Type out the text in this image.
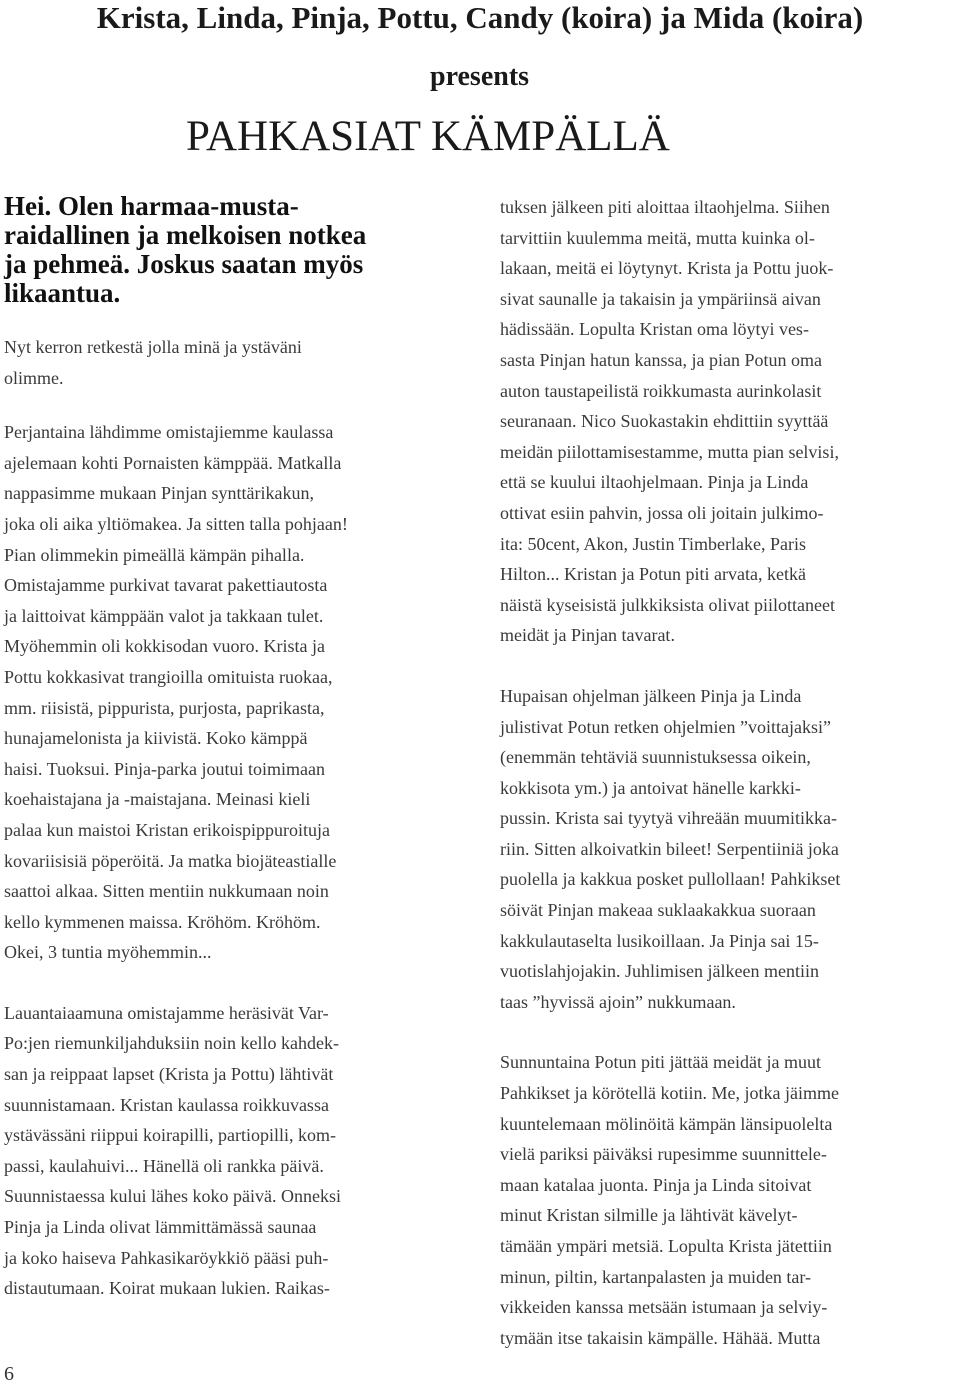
Krista, Linda, Pinja, Pottu, Candy (koira) ja Mida (koira)
presents
PAHKASIAT KÄMPÄLLÄ
Hei. Olen harmaa-musta-
raidallinen ja melkoisen notkea
ja pehmeä. Joskus saatan myös
likaantua.
Nyt kerron retkestä jolla minä ja ystäväni
olimme.
Perjantaina lähdimme omistajiemme kaulassa
ajelemaan kohti Pornaisten kämppää. Matkalla
nappasimme mukaan Pinjan synttärikakun,
joka oli aika yltiömakea. Ja sitten talla pohjaan!
Pian olimmekin pimeällä kämpän pihalla.
Omistajamme purkivat tavarat pakettiautosta
ja laittoivat kämppään valot ja takkaan tulet.
Myöhemmin oli kokkisodan vuoro. Krista ja
Pottu kokkasivat trangioilla omituista ruokaa,
mm. riisistä, pippurista, purjosta, paprikasta,
hunajamelonista ja kiivistä. Koko kämppä
haisi. Tuoksui. Pinja-parka joutui toimimaan
koehaistajana ja -maistajana. Meinasi kieli
palaa kun maistoi Kristan erikoispippuroituja
kovariisisiä pöperöitä. Ja matka biojäteastialle
saattoi alkaa. Sitten mentiin nukkumaan noin
kello kymmenen maissa. Kröhöm. Kröhöm.
Okei, 3 tuntia myöhemmin...
Lauantaiaamuna omistajamme heräsivät Var-
Po:jen riemunkiljahduksiin noin kello kahdek-
san ja reippaat lapset (Krista ja Pottu) lähtivät
suunnistamaan. Kristan kaulassa roikkuvassa
ystävässäni riippui koirapilli, partiopilli, kom-
passi, kaulahuivi... Hänellä oli rankka päivä.
Suunnistaessa kului lähes koko päivä. Onneksi
Pinja ja Linda olivat lämmittämässä saunaa
ja koko haiseva Pahkasikaröykkiö pääsi puh-
distautumaan. Koirat mukaan lukien. Raikas-
tuksen jälkeen piti aloittaa iltaohjelma. Siihen
tarvittiin kuulemma meitä, mutta kuinka ol-
lakaan, meitä ei löytynyt. Krista ja Pottu juok-
sivat saunalle ja takaisin ja ympäriinsä aivan
hädissään. Lopulta Kristan oma löytyi ves-
sasta Pinjan hatun kanssa, ja pian Potun oma
auton taustapeilistä roikkumasta aurinkolasit
seuranaan. Nico Suokastakin ehdittiin syyttää
meidän piilottamisestamme, mutta pian selvisi,
että se kuului iltaohjelmaan. Pinja ja Linda
ottivat esiin pahvin, jossa oli joitain julkimo-
ita: 50cent, Akon, Justin Timberlake, Paris
Hilton... Kristan ja Potun piti arvata, ketkä
näistä kyseisistä julkkiksista olivat piilottaneet
meidät ja Pinjan tavarat.
Hupaisan ohjelman jälkeen Pinja ja Linda
julistivat Potun retken ohjelmien ”voittajaksi”
(enemmän tehtäviä suunnistuksessa oikein,
kokkisota ym.) ja antoivat hänelle karkki-
pussin. Krista sai tyytyä vihreään muumitikka-
riin. Sitten alkoivatkin bileet! Serpentiiniä joka
puolella ja kakkua posket pullollaan! Pahkikset
söivät Pinjan makeaa suklaakakkua suoraan
kakkulautaselta lusikoillaan. Ja Pinja sai 15-
vuotislahjojakin. Juhlimisen jälkeen mentiin
taas ”hyvissä ajoin” nukkumaan.
Sunnuntaina Potun piti jättää meidät ja muut
Pahkikset ja körötellä kotiin. Me, jotka jäimme
kuuntelemaan mölinöitä kämpän länsipuolelta
vielä pariksi päiväksi rupesimme suunnittele-
maan katalaa juonta. Pinja ja Linda sitoivat
minut Kristan silmille ja lähtivät kävelyt-
tämään ympäri metsiä. Lopulta Krista jätettiin
minun, piltin, kartanpalasten ja muiden tar-
vikkeiden kanssa metsään istumaan ja selviy-
tymään itse takaisin kämpälle. Hähää. Mutta
6
